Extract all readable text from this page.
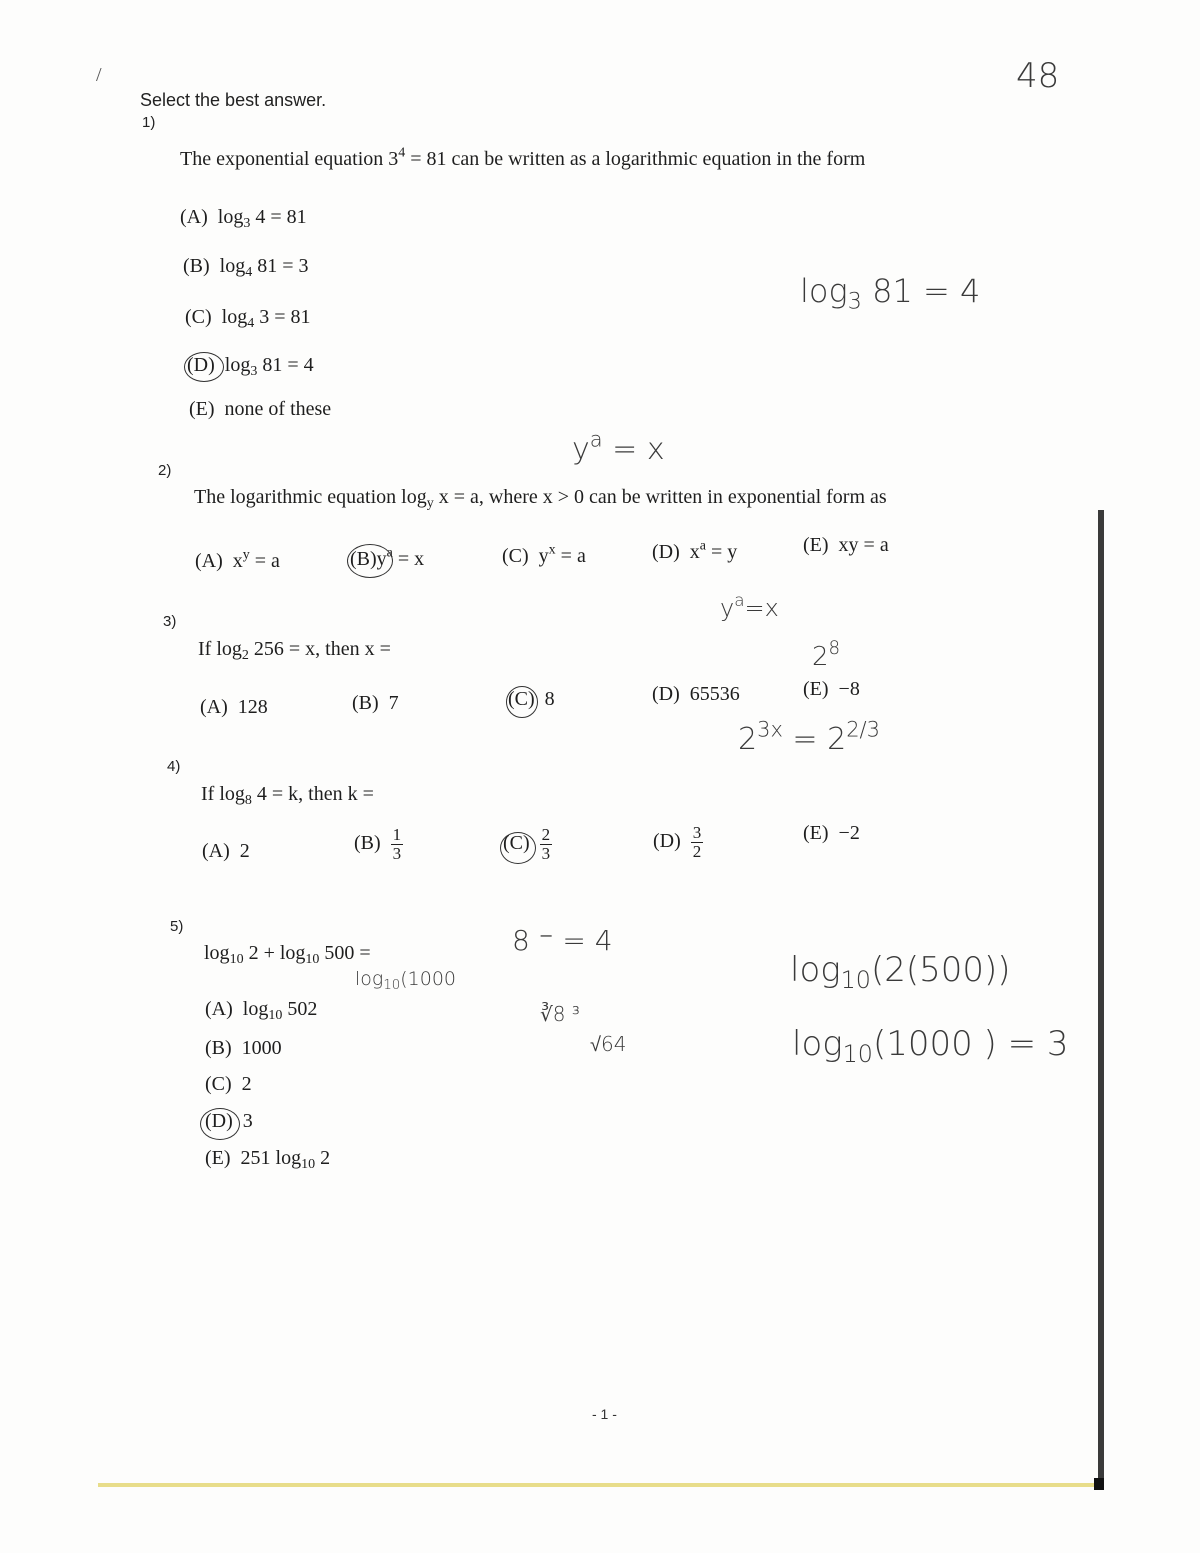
/	48
Select the best answer.
1)
The exponential equation $3^4 = 81$ can be written as a logarithmic equation in the form
(A) $\log_3 4 = 81$
(B) $\log_4 81 = 3$
(C) $\log_4 3 = 81$
(D) $\log_3 81 = 4$
(E) none of these
$\log_3 81 = 4$
$y^a = x$
2)
The logarithmic equation $\log_y x = a$, where x > 0 can be written in exponential form as
(A) $x^y = a$	$(B)y^a = x$	(C) $y^x = a$	(D) $x^a = y$	(E) xy = a
3)	$y^a=x$
If $\log_2 256 = x$, then x =	$2^8$
(A) 128	(B) 7	(C) 8	(D) 65536	(E) −8
$2^{3x} = 2^{2/3}$
4)
If $\log_8 4 = k$, then k =
(A) 2	$(B) \frac{1}{3}$	$(C) \frac{2}{3}$	$(D) \frac{3}{2}$	(E) −2
5)	8 ⁻ = 4
$\log_{10} 2 + \log_{10} 500$ =
$\log_{10}(1000$	$\log_{10}(2(500))$
(A) $\log_{10} 502$	∛8 ³
√64	$\log_{10}(1000$ ) = 3
(B) 1000
(C) 2
(D) 3
(E) 251 $\log_{10} 2$
- 1 -
